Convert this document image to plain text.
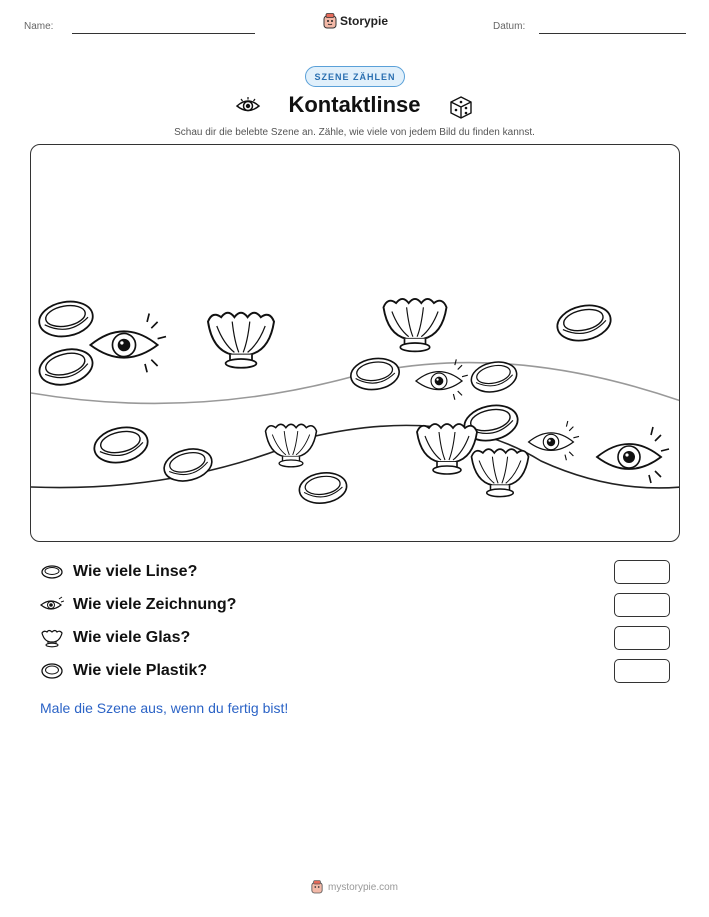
Name:	Storypie	Datum:
SZENE ZÄHLEN
Kontaktlinse
Schau dir die belebte Szene an. Zähle, wie viele von jedem Bild du finden kannst.
Wie viele Linse?
Wie viele Zeichnung?
Wie viele Glas?
Wie viele Plastik?
Male die Szene aus, wenn du fertig bist!
mystorypie.com
